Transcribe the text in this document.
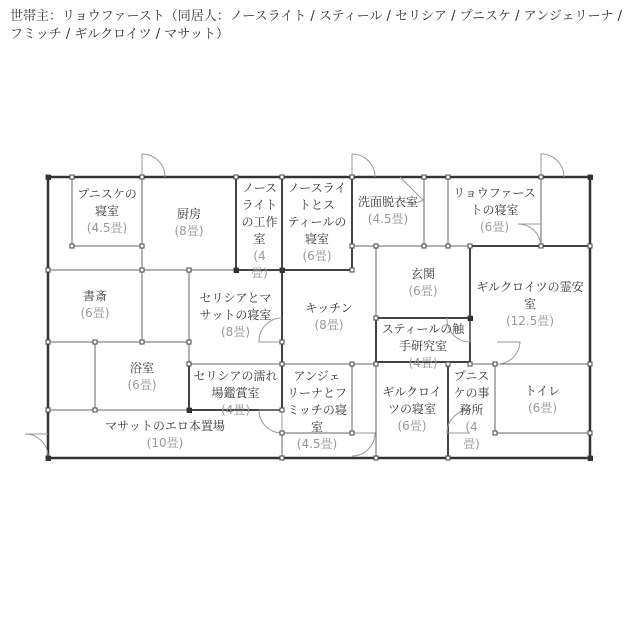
世帯主：リョウファースト（同居人：ノースライト / スティール / セリシア / プニスケ / アンジェリーナ / フミッチ / ギルクロイツ / マサット）
プニスケの
寝室
(4.5畳)
厨房
(8畳)
ノース
ライト
の工作
室
(4
畳)
ノースライ
トとス
ティールの
寝室
(6畳)
洗面脱衣室
(4.5畳)
リョウファース
トの寝室
(6畳)
書斎
(6畳)
セリシアとマ
サットの寝室
(8畳)
キッチン
(8畳)
玄関
(6畳)	ギルクロイツの霊安
室
(12.5畳)
スティールの触
手研究室
(4畳)
浴室
(6畳)
セリシアの濡れ
場鑑賞室
(4畳)
アンジェ
リーナとフ
ミッチの寝
室
(4.5畳)
ギルクロイ
ツの寝室
(6畳)
プニス
ケの事
務所
(4
畳)
トイレ
(6畳)
マサットのエロ本置場
(10畳)
